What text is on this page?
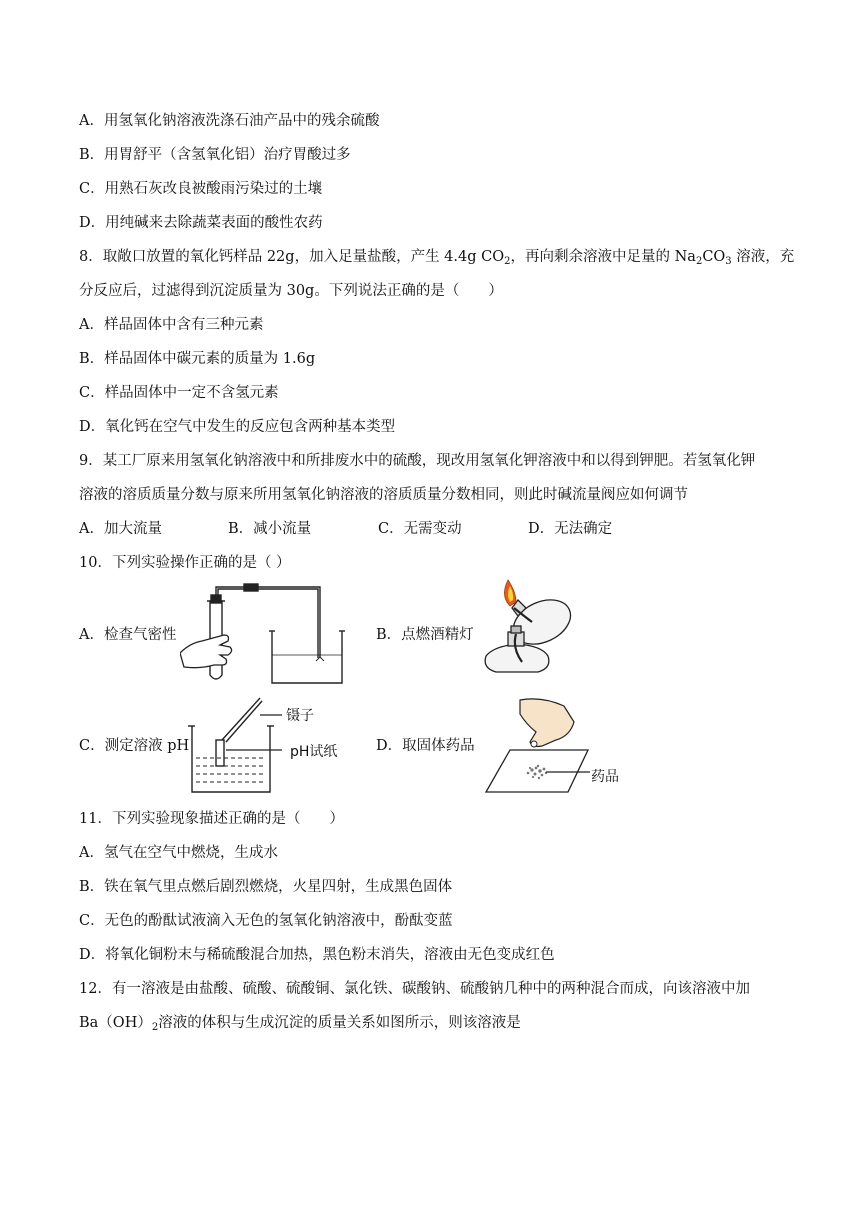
A．用氢氧化钠溶液洗涤石油产品中的残余硫酸
B．用胃舒平（含氢氧化铝）治疗胃酸过多
C．用熟石灰改良被酸雨污染过的土壤
D．用纯碱来去除蔬菜表面的酸性农药
8．取敞口放置的氧化钙样品 22g，加入足量盐酸，产生 4.4g $CO_2$，再向剩余溶液中足量的 $Na_2CO_3$ 溶液，充
分反应后，过滤得到沉淀质量为 30g。下列说法正确的是（　　）
A．样品固体中含有三种元素
B．样品固体中碳元素的质量为 1.6g
C．样品固体中一定不含氢元素
D．氧化钙在空气中发生的反应包含两种基本类型
9．某工厂原来用氢氧化钠溶液中和所排废水中的硫酸，现改用氢氧化钾溶液中和以得到钾肥。若氢氧化钾
溶液的溶质质量分数与原来所用氢氧化钠溶液的溶质质量分数相同，则此时碱流量阀应如何调节
A．加大流量	B．减小流量	C．无需变动	D．无法确定
10．下列实验操作正确的是（ ）
A．检查气密性	B．点燃酒精灯
C．测定溶液 pH
镊子
pH试纸	D．取固体药品
药品
11．下列实验现象描述正确的是（　　）
A．氢气在空气中燃烧，生成水
B．铁在氧气里点燃后剧烈燃烧，火星四射，生成黑色固体
C．无色的酚酞试液滴入无色的氢氧化钠溶液中，酚酞变蓝
D．将氧化铜粉末与稀硫酸混合加热，黑色粉末消失，溶液由无色变成红色
12．有一溶液是由盐酸、硫酸、硫酸铜、氯化铁、碳酸钠、硫酸钠几种中的两种混合而成，向该溶液中加
$Ba(OH)_2$溶液的体积与生成沉淀的质量关系如图所示，则该溶液是
